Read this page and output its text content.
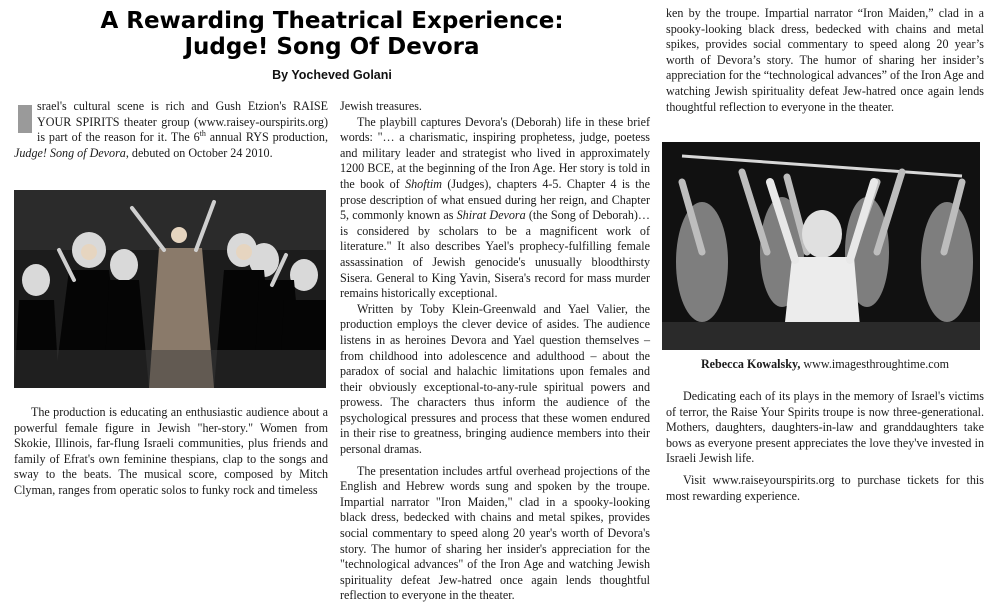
A Rewarding Theatrical Experience:
Judge! Song Of Devora
By Yocheved Golani

srael's cultural scene is rich and Gush Etzion's RAISE YOUR SPIRITS theater group (www.raisey-ourspirits.org) is part of the reason for it. The 6th annual RYS production, Judge! Song of Devora, debuted on October 24 2010.

The production is educating an enthusiastic audience about a powerful female figure in Jewish "her-story." Women from Skokie, Illinois, far-flung Israeli communities, plus friends and family of Efrat's own feminine thespians, clap to the songs and sway to the beats. The musical score, composed by Mitch Clyman, ranges from operatic solos to funky rock and timeless

Jewish treasures.

The playbill captures Devora's (Deborah) life in these brief words: "… a charismatic, inspiring prophetess, judge, poetess and military leader and strategist who lived in approximately 1200 BCE, at the beginning of the Iron Age. Her story is told in the book of Shoftim (Judges), chapters 4-5. Chapter 4 is the prose description of what ensued during her reign, and Chapter 5, commonly known as Shirat Devora (the Song of Deborah)… is considered by scholars to be a magnificent work of literature." It also describes Yael's prophecy-fulfilling female assassination of Jewish genocide's unusually bloodthirsty Sisera. General to King Yavin, Sisera's record for mass murder remains historically exceptional.

Written by Toby Klein-Greenwald and Yael Valier, the production employs the clever device of asides. The audience listens in as heroines Devora and Yael question themselves – from childhood into adolescence and adulthood – about the paradox of social and halachic limitations upon females and their obviously exceptional-to-any-rule spiritual powers and prowess. The characters thus inform the audience of the psychological pressures and process that these women endured in their rise to greatness, bringing audience members into their personal dramas.

The presentation includes artful overhead projections of the English and Hebrew words sung and spoken by the troupe. Impartial narrator "Iron Maiden," clad in a spooky-looking black dress, bedecked with chains and metal spikes, provides social commentary to speed along 20 year's worth of Devora's story. The humor of sharing her insider's appreciation for the "technological advances" of the Iron Age and watching Jewish spirituality defeat Jew-hatred once again lends thoughtful reflection to everyone in the theater.

ken by the troupe. Impartial narrator “Iron Maiden,” clad in a spooky-looking black dress, bedecked with chains and metal spikes, provides social commentary to speed along 20 year’s worth of Devora’s story. The humor of sharing her insider’s appreciation for the “technological advances” of the Iron Age and watching Jewish spirituality defeat Jew-hatred once again lends thoughtful reflection to everyone in the theater.

Rebecca Kowalsky, www.imagesthroughtime.com

Dedicating each of its plays in the memory of Israel's victims of terror, the Raise Your Spirits troupe is now three-generational. Mothers, daughters, daughters-in-law and granddaughters take bows as everyone present appreciates the love they've invested in Israeli Jewish life.

Visit www.raiseyourspirits.org to purchase tickets for this most rewarding experience.
